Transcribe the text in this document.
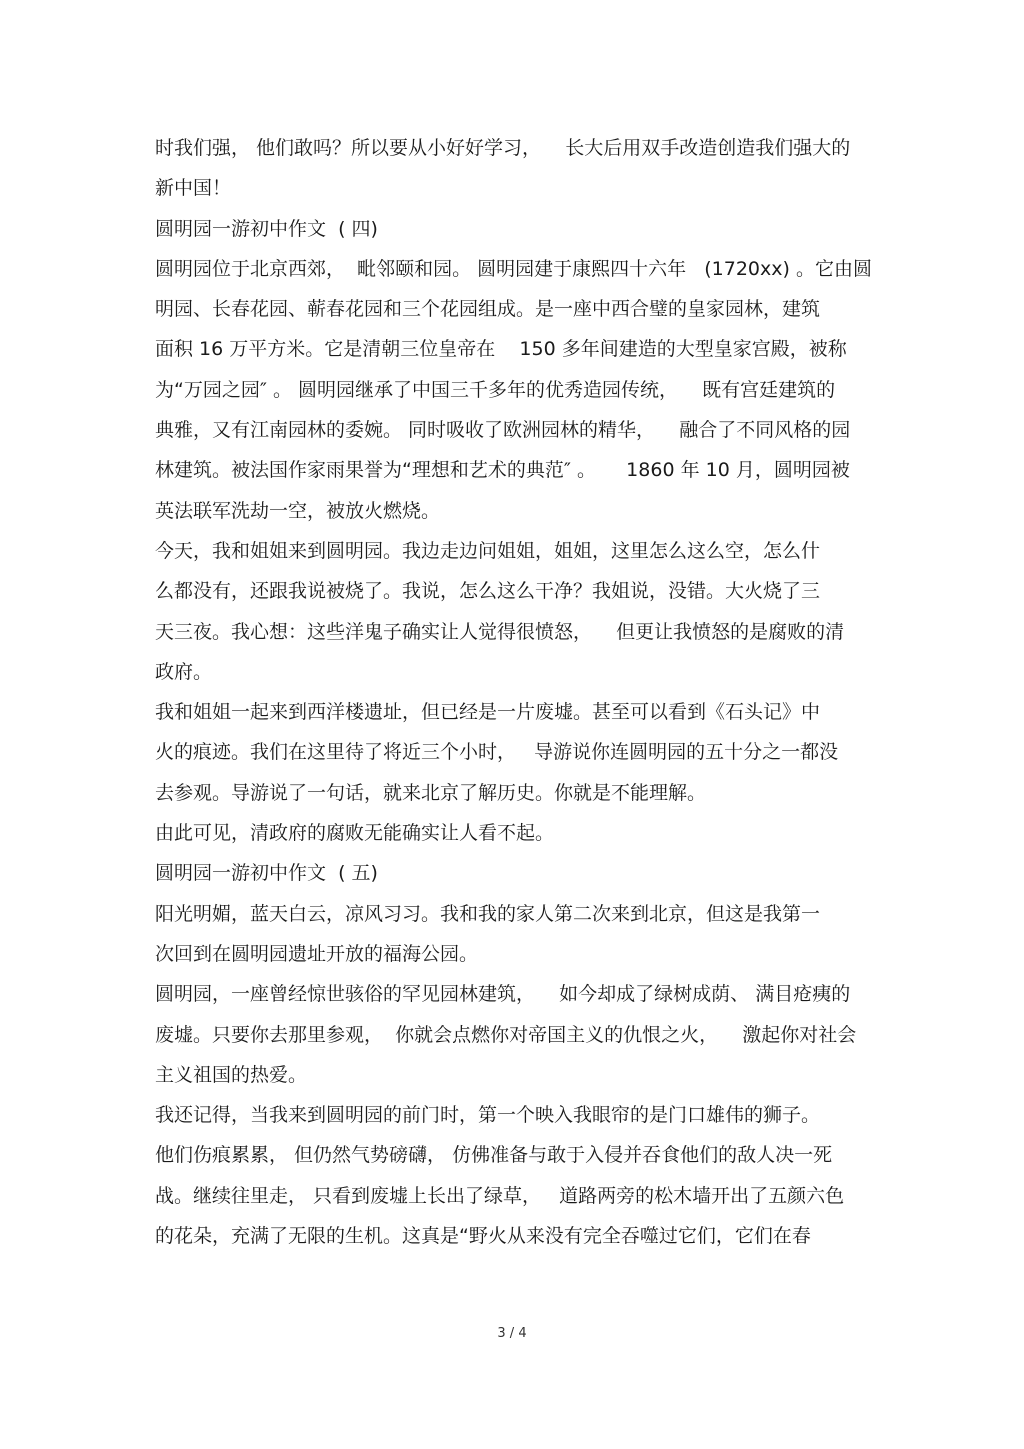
时我们强， 他们敢吗？所以要从小好好学习，    长大后用双手改造创造我们强大的
新中国！
圆明园一游初中作文  ( 四)
圆明园位于北京西郊，  毗邻颐和园。 圆明园建于康熙四十六年   (1720xx) 。它由圆
明园、长春花园、蕲春花园和三个花园组成。是一座中西合璧的皇家园林，建筑
面积 16 万平方米。它是清朝三位皇帝在    150 多年间建造的大型皇家宫殿，被称
为“万园之园″ 。 圆明园继承了中国三千多年的优秀造园传统，    既有宫廷建筑的
典雅，又有江南园林的委婉。 同时吸收了欧洲园林的精华，    融合了不同风格的园
林建筑。被法国作家雨果誉为“理想和艺术的典范″ 。     1860 年 10 月，圆明园被
英法联军洗劫一空，被放火燃烧。
今天，我和姐姐来到圆明园。我边走边问姐姐，姐姐，这里怎么这么空，怎么什
么都没有，还跟我说被烧了。我说，怎么这么干净？我姐说，没错。大火烧了三
天三夜。我心想：这些洋鬼子确实让人觉得很愤怒，    但更让我愤怒的是腐败的清
政府。
我和姐姐一起来到西洋楼遗址，但已经是一片废墟。甚至可以看到《石头记》中
火的痕迹。我们在这里待了将近三个小时，   导游说你连圆明园的五十分之一都没
去参观。导游说了一句话，就来北京了解历史。你就是不能理解。
由此可见，清政府的腐败无能确实让人看不起。
圆明园一游初中作文  ( 五)
阳光明媚，蓝天白云，凉风习习。我和我的家人第二次来到北京，但这是我第一
次回到在圆明园遗址开放的福海公园。
圆明园，一座曾经惊世骇俗的罕见园林建筑，    如今却成了绿树成荫、 满目疮痍的
废墟。只要你去那里参观，  你就会点燃你对帝国主义的仇恨之火，    激起你对社会
主义祖国的热爱。
我还记得，当我来到圆明园的前门时，第一个映入我眼帘的是门口雄伟的狮子。
他们伤痕累累， 但仍然气势磅礴， 仿佛准备与敢于入侵并吞食他们的敌人决一死
战。继续往里走， 只看到废墟上长出了绿草，   道路两旁的松木墙开出了五颜六色
的花朵，充满了无限的生机。这真是“野火从来没有完全吞噬过它们，它们在春
3 / 4
